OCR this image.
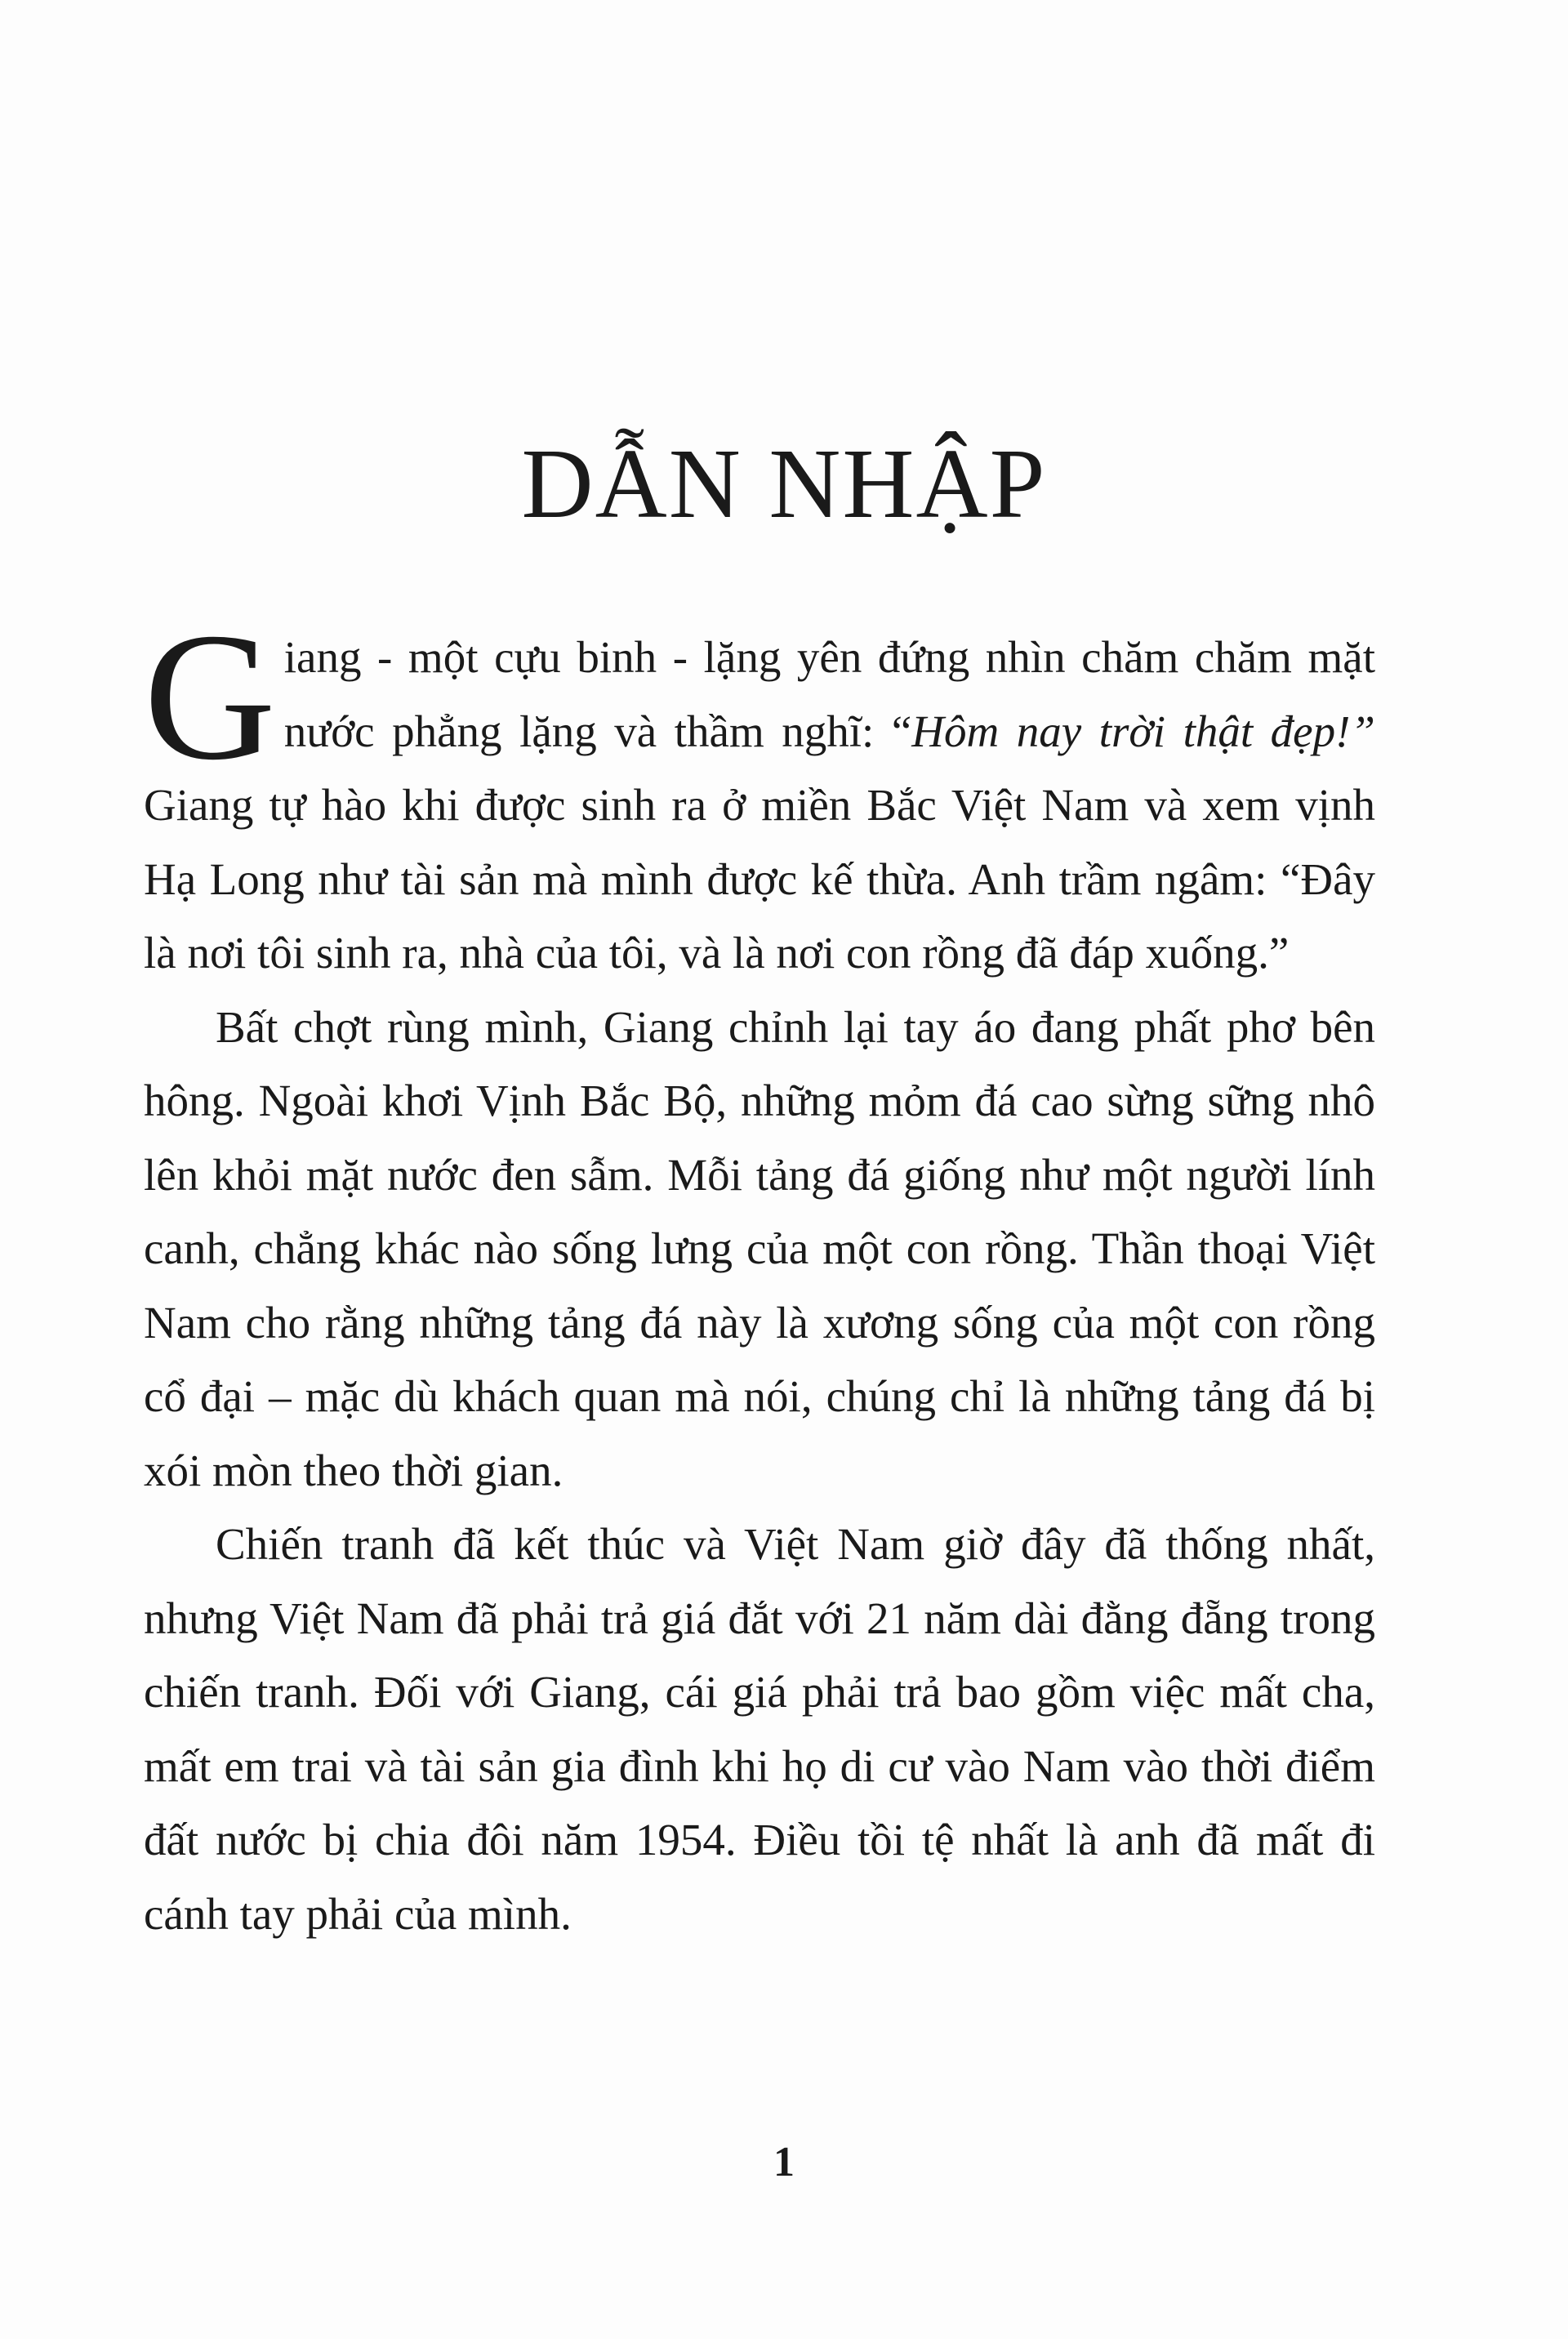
DẪN NHẬP

Giang - một cựu binh - lặng yên đứng nhìn chăm chăm mặt nước phẳng lặng và thầm nghĩ: “Hôm nay trời thật đẹp!” Giang tự hào khi được sinh ra ở miền Bắc Việt Nam và xem vịnh Hạ Long như tài sản mà mình được kế thừa. Anh trầm ngâm: “Đây là nơi tôi sinh ra, nhà của tôi, và là nơi con rồng đã đáp xuống.”

Bất chợt rùng mình, Giang chỉnh lại tay áo đang phất phơ bên hông. Ngoài khơi Vịnh Bắc Bộ, những mỏm đá cao sừng sững nhô lên khỏi mặt nước đen sẫm. Mỗi tảng đá giống như một người lính canh, chẳng khác nào sống lưng của một con rồng. Thần thoại Việt Nam cho rằng những tảng đá này là xương sống của một con rồng cổ đại – mặc dù khách quan mà nói, chúng chỉ là những tảng đá bị xói mòn theo thời gian.

Chiến tranh đã kết thúc và Việt Nam giờ đây đã thống nhất, nhưng Việt Nam đã phải trả giá đắt với 21 năm dài đằng đẵng trong chiến tranh. Đối với Giang, cái giá phải trả bao gồm việc mất cha, mất em trai và tài sản gia đình khi họ di cư vào Nam vào thời điểm đất nước bị chia đôi năm 1954. Điều tồi tệ nhất là anh đã mất đi cánh tay phải của mình.

1
